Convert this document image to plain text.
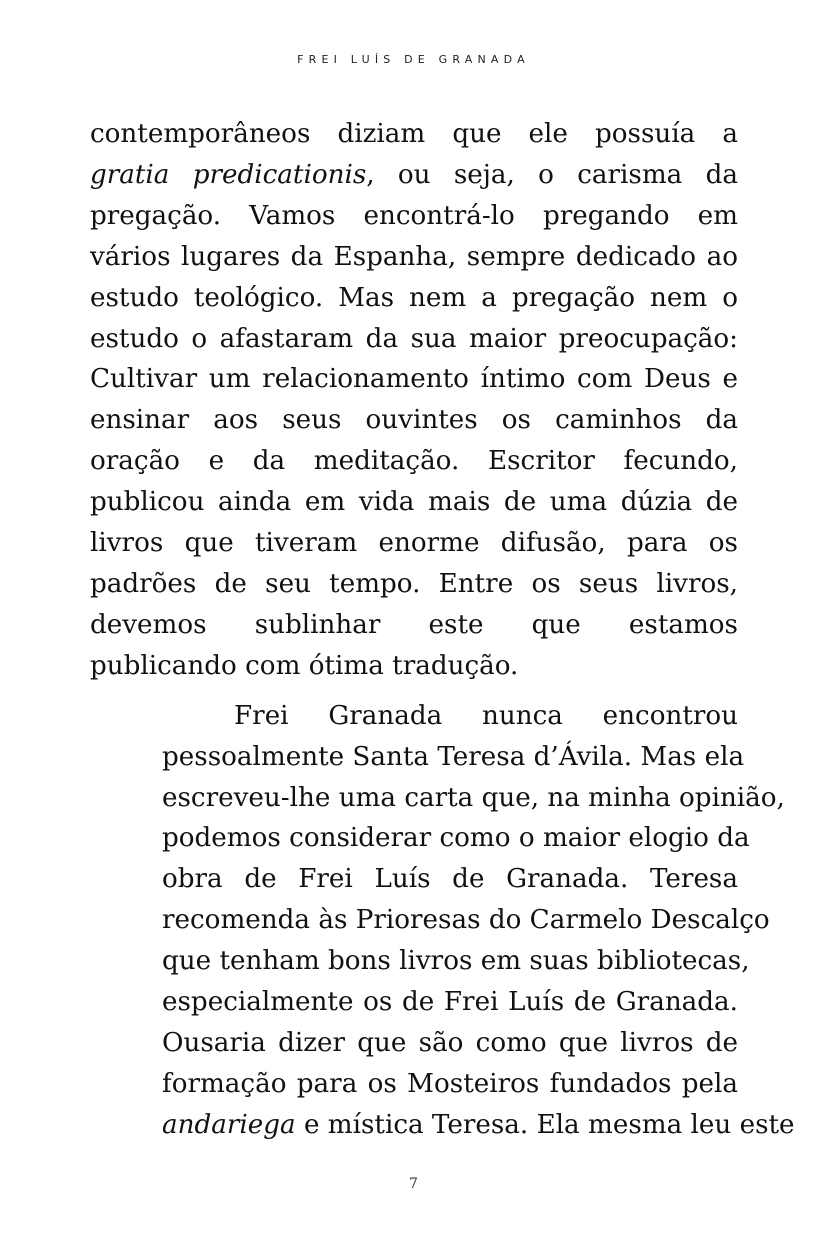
FREI LUÍS DE GRANADA
contemporâneos diziam que ele possuía a
gratia predicationis, ou seja, o carisma da
pregação. Vamos encontrá-lo pregando em
vários lugares da Espanha, sempre dedicado ao
estudo teológico. Mas nem a pregação nem o
estudo o afastaram da sua maior preocupação:
Cultivar um relacionamento íntimo com Deus e
ensinar aos seus ouvintes os caminhos da
oração e da meditação. Escritor fecundo,
publicou ainda em vida mais de uma dúzia de
livros que tiveram enorme difusão, para os
padrões de seu tempo. Entre os seus livros,
devemos sublinhar este que estamos
publicando com ótima tradução.
Frei Granada nunca encontrou
pessoalmente Santa Teresa d’Ávila. Mas ela
escreveu-lhe uma carta que, na minha opinião,
podemos considerar como o maior elogio da
obra de Frei Luís de Granada. Teresa
recomenda às Prioresas do Carmelo Descalço
que tenham bons livros em suas bibliotecas,
especialmente os de Frei Luís de Granada.
Ousaria dizer que são como que livros de
formação para os Mosteiros fundados pela
andariega e mística Teresa. Ela mesma leu este
7
